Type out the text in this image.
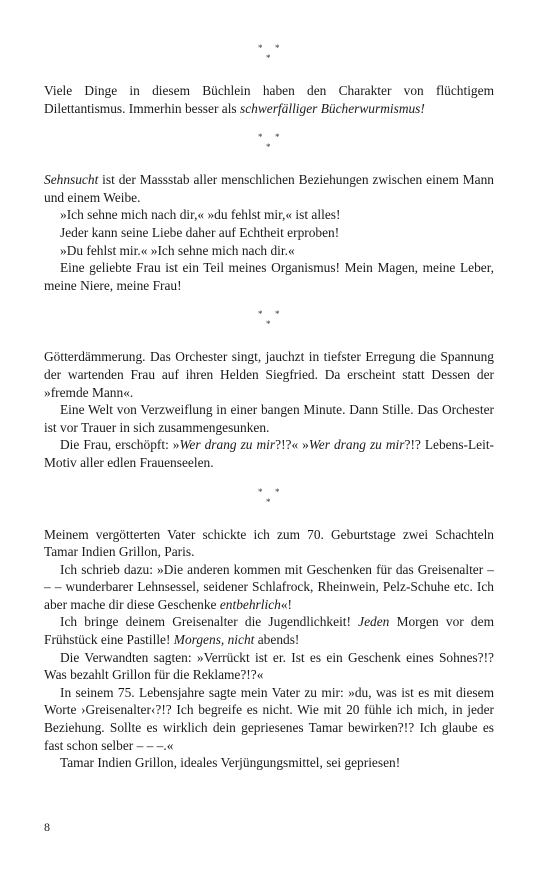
* *
*

Viele Dinge in diesem Büchlein haben den Charakter von flüchtigem Dilettantismus. Immerhin besser als schwerfälliger Bücherwurmismus!

* *
*

Sehnsucht ist der Massstab aller menschlichen Beziehungen zwischen einem Mann und einem Weibe.

»Ich sehne mich nach dir,« »du fehlst mir,« ist alles!

Jeder kann seine Liebe daher auf Echtheit erproben!

»Du fehlst mir.« »Ich sehne mich nach dir.«

Eine geliebte Frau ist ein Teil meines Organismus! Mein Magen, meine Leber, meine Niere, meine Frau!

* *
*

Götterdämmerung. Das Orchester singt, jauchzt in tiefster Erregung die Spannung der wartenden Frau auf ihren Helden Siegfried. Da erscheint statt Dessen der »fremde Mann«.

Eine Welt von Verzweiflung in einer bangen Minute. Dann Stille. Das Orchester ist vor Trauer in sich zusammengesunken.

Die Frau, erschöpft: »Wer drang zu mir?!?« »Wer drang zu mir?!? Lebens-Leit-Motiv aller edlen Frauenseelen.

* *
*

Meinem vergötterten Vater schickte ich zum 70. Geburtstage zwei Schachteln Tamar Indien Grillon, Paris.

Ich schrieb dazu: »Die anderen kommen mit Geschenken für das Greisenalter – – – wunderbarer Lehnsessel, seidener Schlafrock, Rheinwein, Pelz-Schuhe etc. Ich aber mache dir diese Geschenke entbehrlich«!

Ich bringe deinem Greisenalter die Jugendlichkeit! Jeden Morgen vor dem Frühstück eine Pastille! Morgens, nicht abends!

Die Verwandten sagten: »Verrückt ist er. Ist es ein Geschenk eines Sohnes?!? Was bezahlt Grillon für die Reklame?!?«

In seinem 75. Lebensjahre sagte mein Vater zu mir: »du, was ist es mit diesem Worte ›Greisenalter‹?!? Ich begreife es nicht. Wie mit 20 fühle ich mich, in jeder Beziehung. Sollte es wirklich dein gepriesenes Tamar bewirken?!? Ich glaube es fast schon selber – – –.«

Tamar Indien Grillon, ideales Verjüngungsmittel, sei gepriesen!

8
